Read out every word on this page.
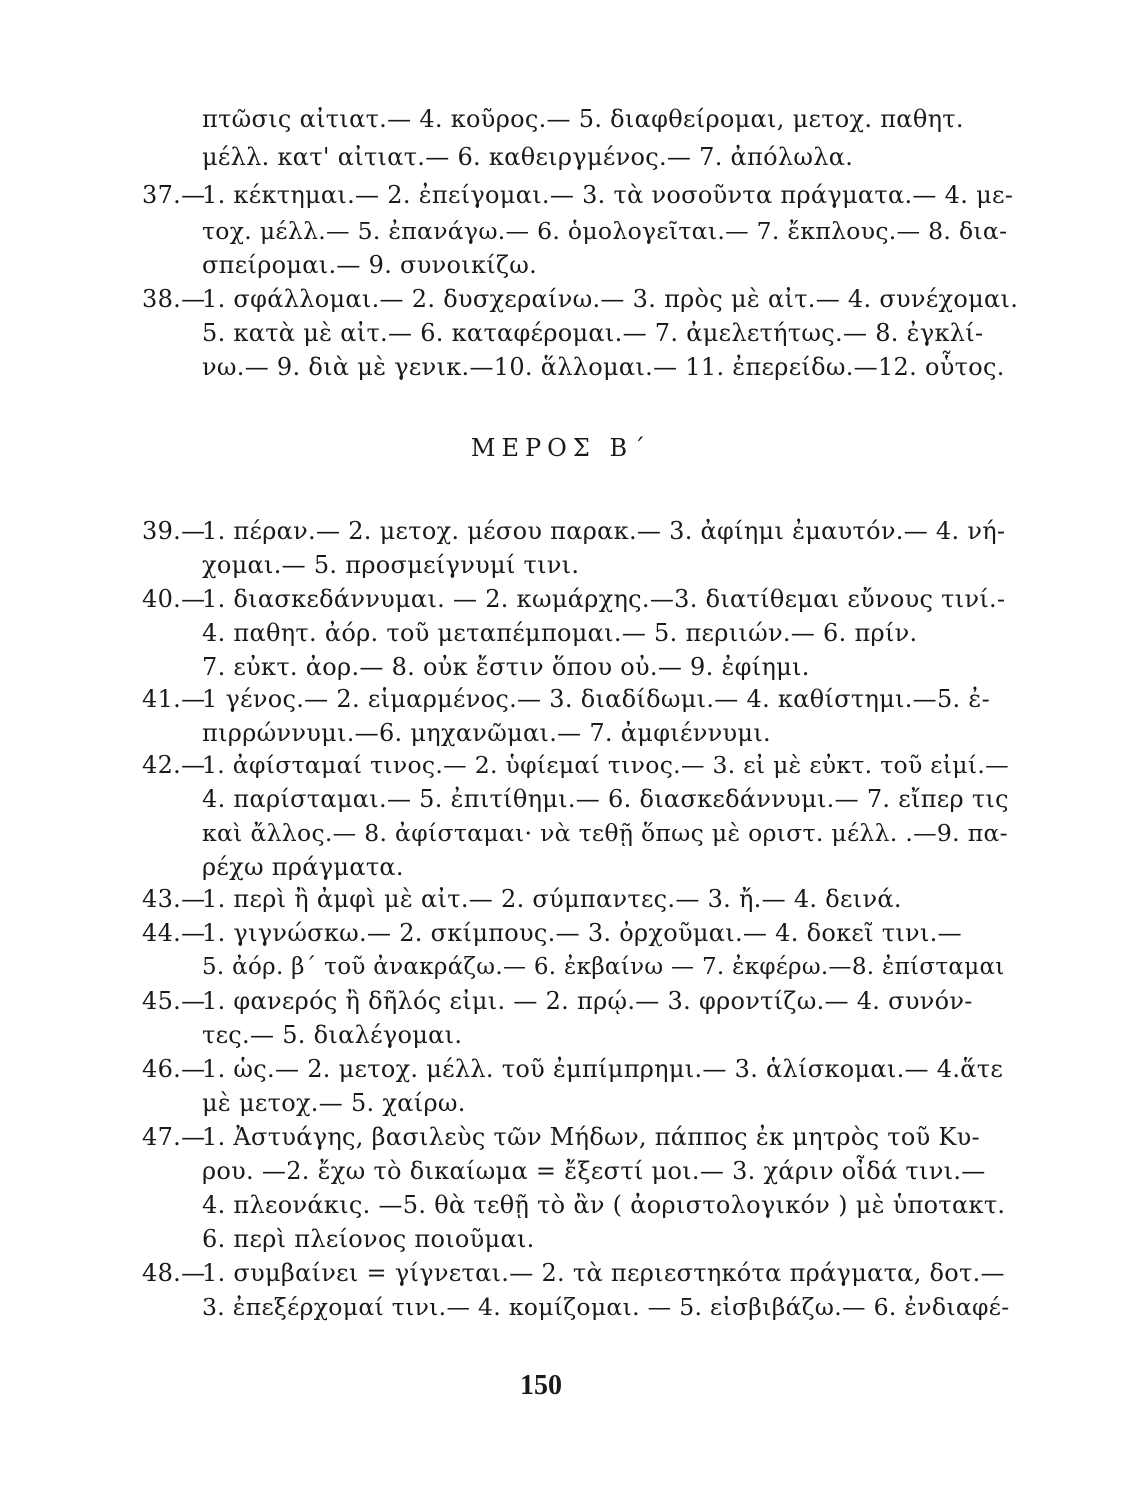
πτῶσις αἰτιατ.— 4. κοῦρος.— 5. διαφθείρομαι, μετοχ. παθητ.
μέλλ. κατ' αἰτιατ.— 6. καθειργμένος.— 7. ἀπόλωλα.
37.—
1. κέκτημαι.— 2. ἐπείγομαι.— 3. τὰ νοσοῦντα πράγματα.— 4. με-
τοχ. μέλλ.— 5. ἐπανάγω.— 6. ὁμολογεῖται.— 7. ἔκπλους.— 8. δια-
σπείρομαι.— 9. συνοικίζω.
38.—
1. σφάλλομαι.— 2. δυσχεραίνω.— 3. πρὸς μὲ αἰτ.— 4. συνέχομαι.
5. κατὰ μὲ αἰτ.— 6. καταφέρομαι.— 7. ἀμελετήτως.— 8. ἐγκλί-
νω.— 9. διὰ μὲ γενικ.—10. ἅλλομαι.— 11. ἐπερείδω.—12. οὗτος.
ΜΕΡΟΣ Β΄
39.—
1. πέραν.— 2. μετοχ. μέσου παρακ.— 3. ἀφίημι ἐμαυτόν.— 4. νή-
χομαι.— 5. προσμείγνυμί τινι.
40.—
1. διασκεδάννυμαι. — 2. κωμάρχης.—3. διατίθεμαι εὔνους τινί.-
4. παθητ. ἀόρ. τοῦ μεταπέμπομαι.— 5. περιιών.— 6. πρίν.
7. εὐκτ. ἀορ.— 8. οὐκ ἔστιν ὅπου οὐ.— 9. ἐφίημι.
41.—
1 γένος.— 2. εἱμαρμένος.— 3. διαδίδωμι.— 4. καθίστημι.—5. ἐ-
πιρρώννυμι.—6. μηχανῶμαι.— 7. ἀμφιέννυμι.
42.—
1. ἀφίσταμαί τινος.— 2. ὑφίεμαί τινος.— 3. εἰ μὲ εὐκτ. τοῦ εἰμί.—
4. παρίσταμαι.— 5. ἐπιτίθημι.— 6. διασκεδάννυμι.— 7. εἴπερ τις
καὶ ἄλλος.— 8. ἀφίσταμαι· νὰ τεθῇ ὅπως μὲ οριστ. μέλλ. .—9. πα-
ρέχω πράγματα.
43.—
1. περὶ ἢ ἀμφὶ μὲ αἰτ.— 2. σύμπαντες.— 3. ἤ.— 4. δεινά.
44.—
1. γιγνώσκω.— 2. σκίμπους.— 3. ὀρχοῦμαι.— 4. δοκεῖ τινι.—
5. ἀόρ. β΄ τοῦ ἀνακράζω.— 6. ἐκβαίνω — 7. ἐκφέρω.—8. ἐπίσταμαι
45.—
1. φανερός ἢ δῆλός εἰμι. — 2. πρῴ.— 3. φροντίζω.— 4. συνόν-
τες.— 5. διαλέγομαι.
46.—
1. ὡς.— 2. μετοχ. μέλλ. τοῦ ἐμπίμπρημι.— 3. ἁλίσκομαι.— 4.ἅτε
μὲ μετοχ.— 5. χαίρω.
47.—
1. Ἀστυάγης, βασιλεὺς τῶν Μήδων, πάππος ἐκ μητρὸς τοῦ Κυ-
ρου. —2. ἔχω τὸ δικαίωμα = ἔξεστί μοι.— 3. χάριν οἶδά τινι.—
4. πλεονάκις. —5. θὰ τεθῇ τὸ ἂν ( ἀοριστολογικόν ) μὲ ὑποτακτ.
6. περὶ πλείονος ποιοῦμαι.
48.—
1. συμβαίνει = γίγνεται.— 2. τὰ περιεστηκότα πράγματα, δοτ.—
3. ἐπεξέρχομαί τινι.— 4. κομίζομαι. — 5. εἰσβιβάζω.— 6. ἐνδιαφέ-
150
